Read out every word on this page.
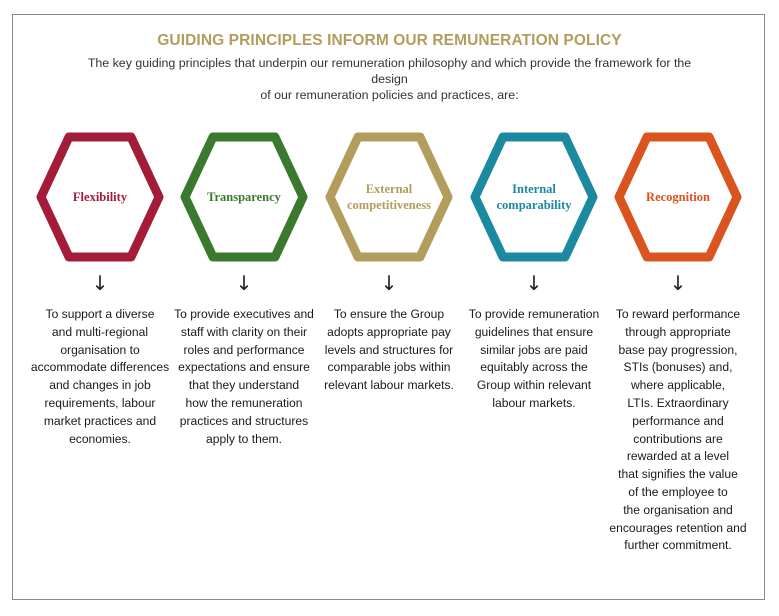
GUIDING PRINCIPLES INFORM OUR REMUNERATION POLICY
The key guiding principles that underpin our remuneration philosophy and which provide the framework for the design
of our remuneration policies and practices, are:
Flexibility
↓
To support a diverse
and multi-regional
organisation to
accommodate differences
and changes in job
requirements, labour
market practices and
economies.
Transparency
↓
To provide executives and
staff with clarity on their
roles and performance
expectations and ensure
that they understand
how the remuneration
practices and structures
apply to them.
External
competitiveness
↓
To ensure the Group
adopts appropriate pay
levels and structures for
comparable jobs within
relevant labour markets.
Internal
comparability
↓
To provide remuneration
guidelines that ensure
similar jobs are paid
equitably across the
Group within relevant
labour markets.
Recognition
↓
To reward performance
through appropriate
base pay progression,
STIs (bonuses) and,
where applicable,
LTIs. Extraordinary
performance and
contributions are
rewarded at a level
that signifies the value
of the employee to
the organisation and
encourages retention and
further commitment.
